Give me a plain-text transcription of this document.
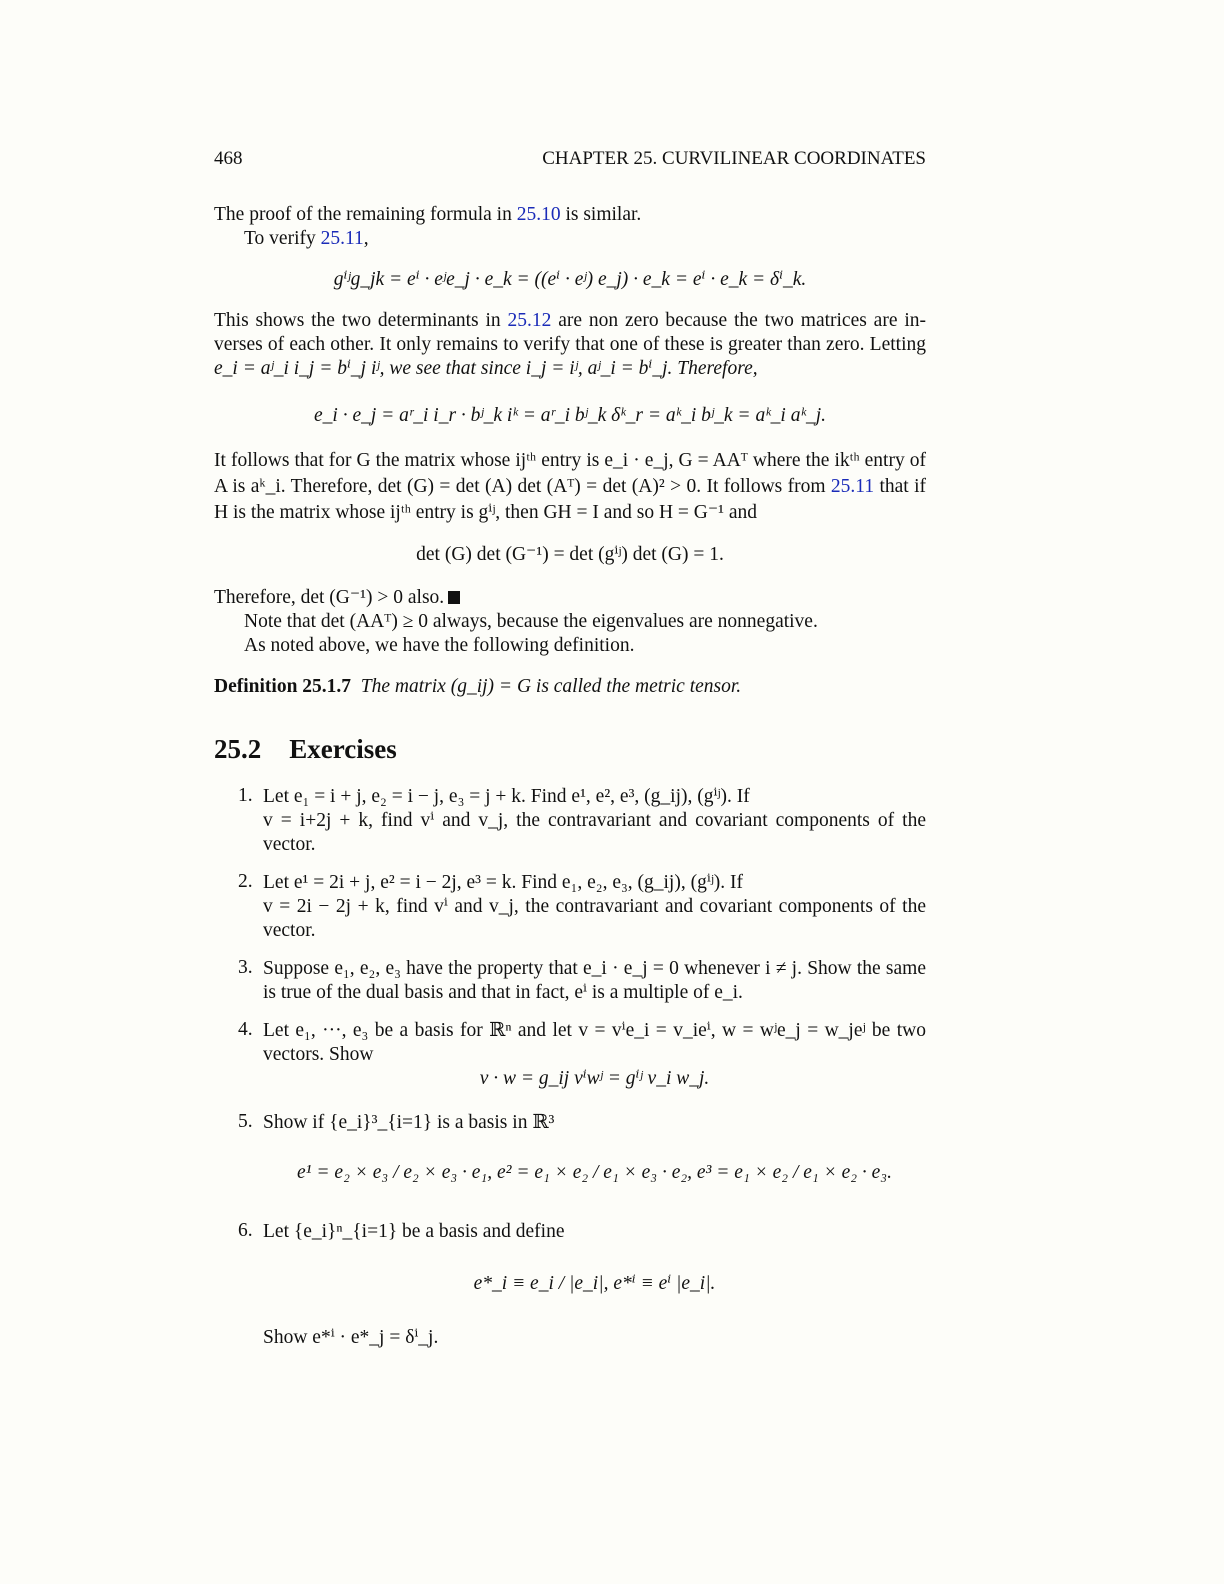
468	CHAPTER 25. CURVILINEAR COORDINATES
The proof of the remaining formula in 25.10 is similar.
To verify 25.11,
gⁱʲg_jk = eⁱ · eʲe_j · e_k = ((eⁱ · eʲ) e_j) · e_k = eⁱ · e_k = δⁱ_k.
This shows the two determinants in 25.12 are non zero because the two matrices are in-
verses of each other. It only remains to verify that one of these is greater than zero. Letting
e_i = aʲ_i i_j = bⁱ_j iʲ, we see that since i_j = iʲ, aʲ_i = bⁱ_j. Therefore,
e_i · e_j = aʳ_i i_r · bʲ_k iᵏ = aʳ_i bʲ_k δᵏ_r = aᵏ_i bʲ_k = aᵏ_i aᵏ_j.
It follows that for G the matrix whose ijᵗʰ entry is e_i · e_j, G = AAᵀ where the ikᵗʰ entry of
A is aᵏ_i. Therefore, det (G) = det (A) det (Aᵀ) = det (A)² > 0. It follows from 25.11 that if
H is the matrix whose ijᵗʰ entry is gⁱʲ, then GH = I and so H = G⁻¹ and
det (G) det (G⁻¹) = det (gⁱʲ) det (G) = 1.
Therefore, det (G⁻¹) > 0 also.
Note that det (AAᵀ) ≥ 0 always, because the eigenvalues are nonnegative.
As noted above, we have the following definition.
Definition 25.1.7 The matrix (g_ij) = G is called the metric tensor.
25.2 Exercises
1. Let e₁ = i + j, e₂ = i − j, e₃ = j + k. Find e¹, e², e³, (g_ij), (gⁱʲ). If
v = i+2j + k, find vⁱ and v_j, the contravariant and covariant components of the
vector.
2. Let e¹ = 2i + j, e² = i − 2j, e³ = k. Find e₁, e₂, e₃, (g_ij), (gⁱʲ). If
v = 2i − 2j + k, find vⁱ and v_j, the contravariant and covariant components of the
vector.
3. Suppose e₁, e₂, e₃ have the property that e_i · e_j = 0 whenever i ≠ j. Show the same
is true of the dual basis and that in fact, eⁱ is a multiple of e_i.
4. Let e₁, ···, e₃ be a basis for ℝⁿ and let v = vⁱe_i = v_ieⁱ, w = wʲe_j = w_jeʲ be two
vectors. Show
v · w = g_ij vⁱwʲ = gⁱʲ v_i w_j.
5. Show if {e_i}³_{i=1} is a basis in ℝ³
e¹ = e₂ × e₃ / e₂ × e₃ · e₁, e² = e₁ × e₂ / e₁ × e₃ · e₂, e³ = e₁ × e₂ / e₁ × e₂ · e₃.
6. Let {e_i}ⁿ_{i=1} be a basis and define
e*_i ≡ e_i / |e_i|, e*ⁱ ≡ eⁱ |e_i|.
Show e*ⁱ · e*_j = δⁱ_j.
